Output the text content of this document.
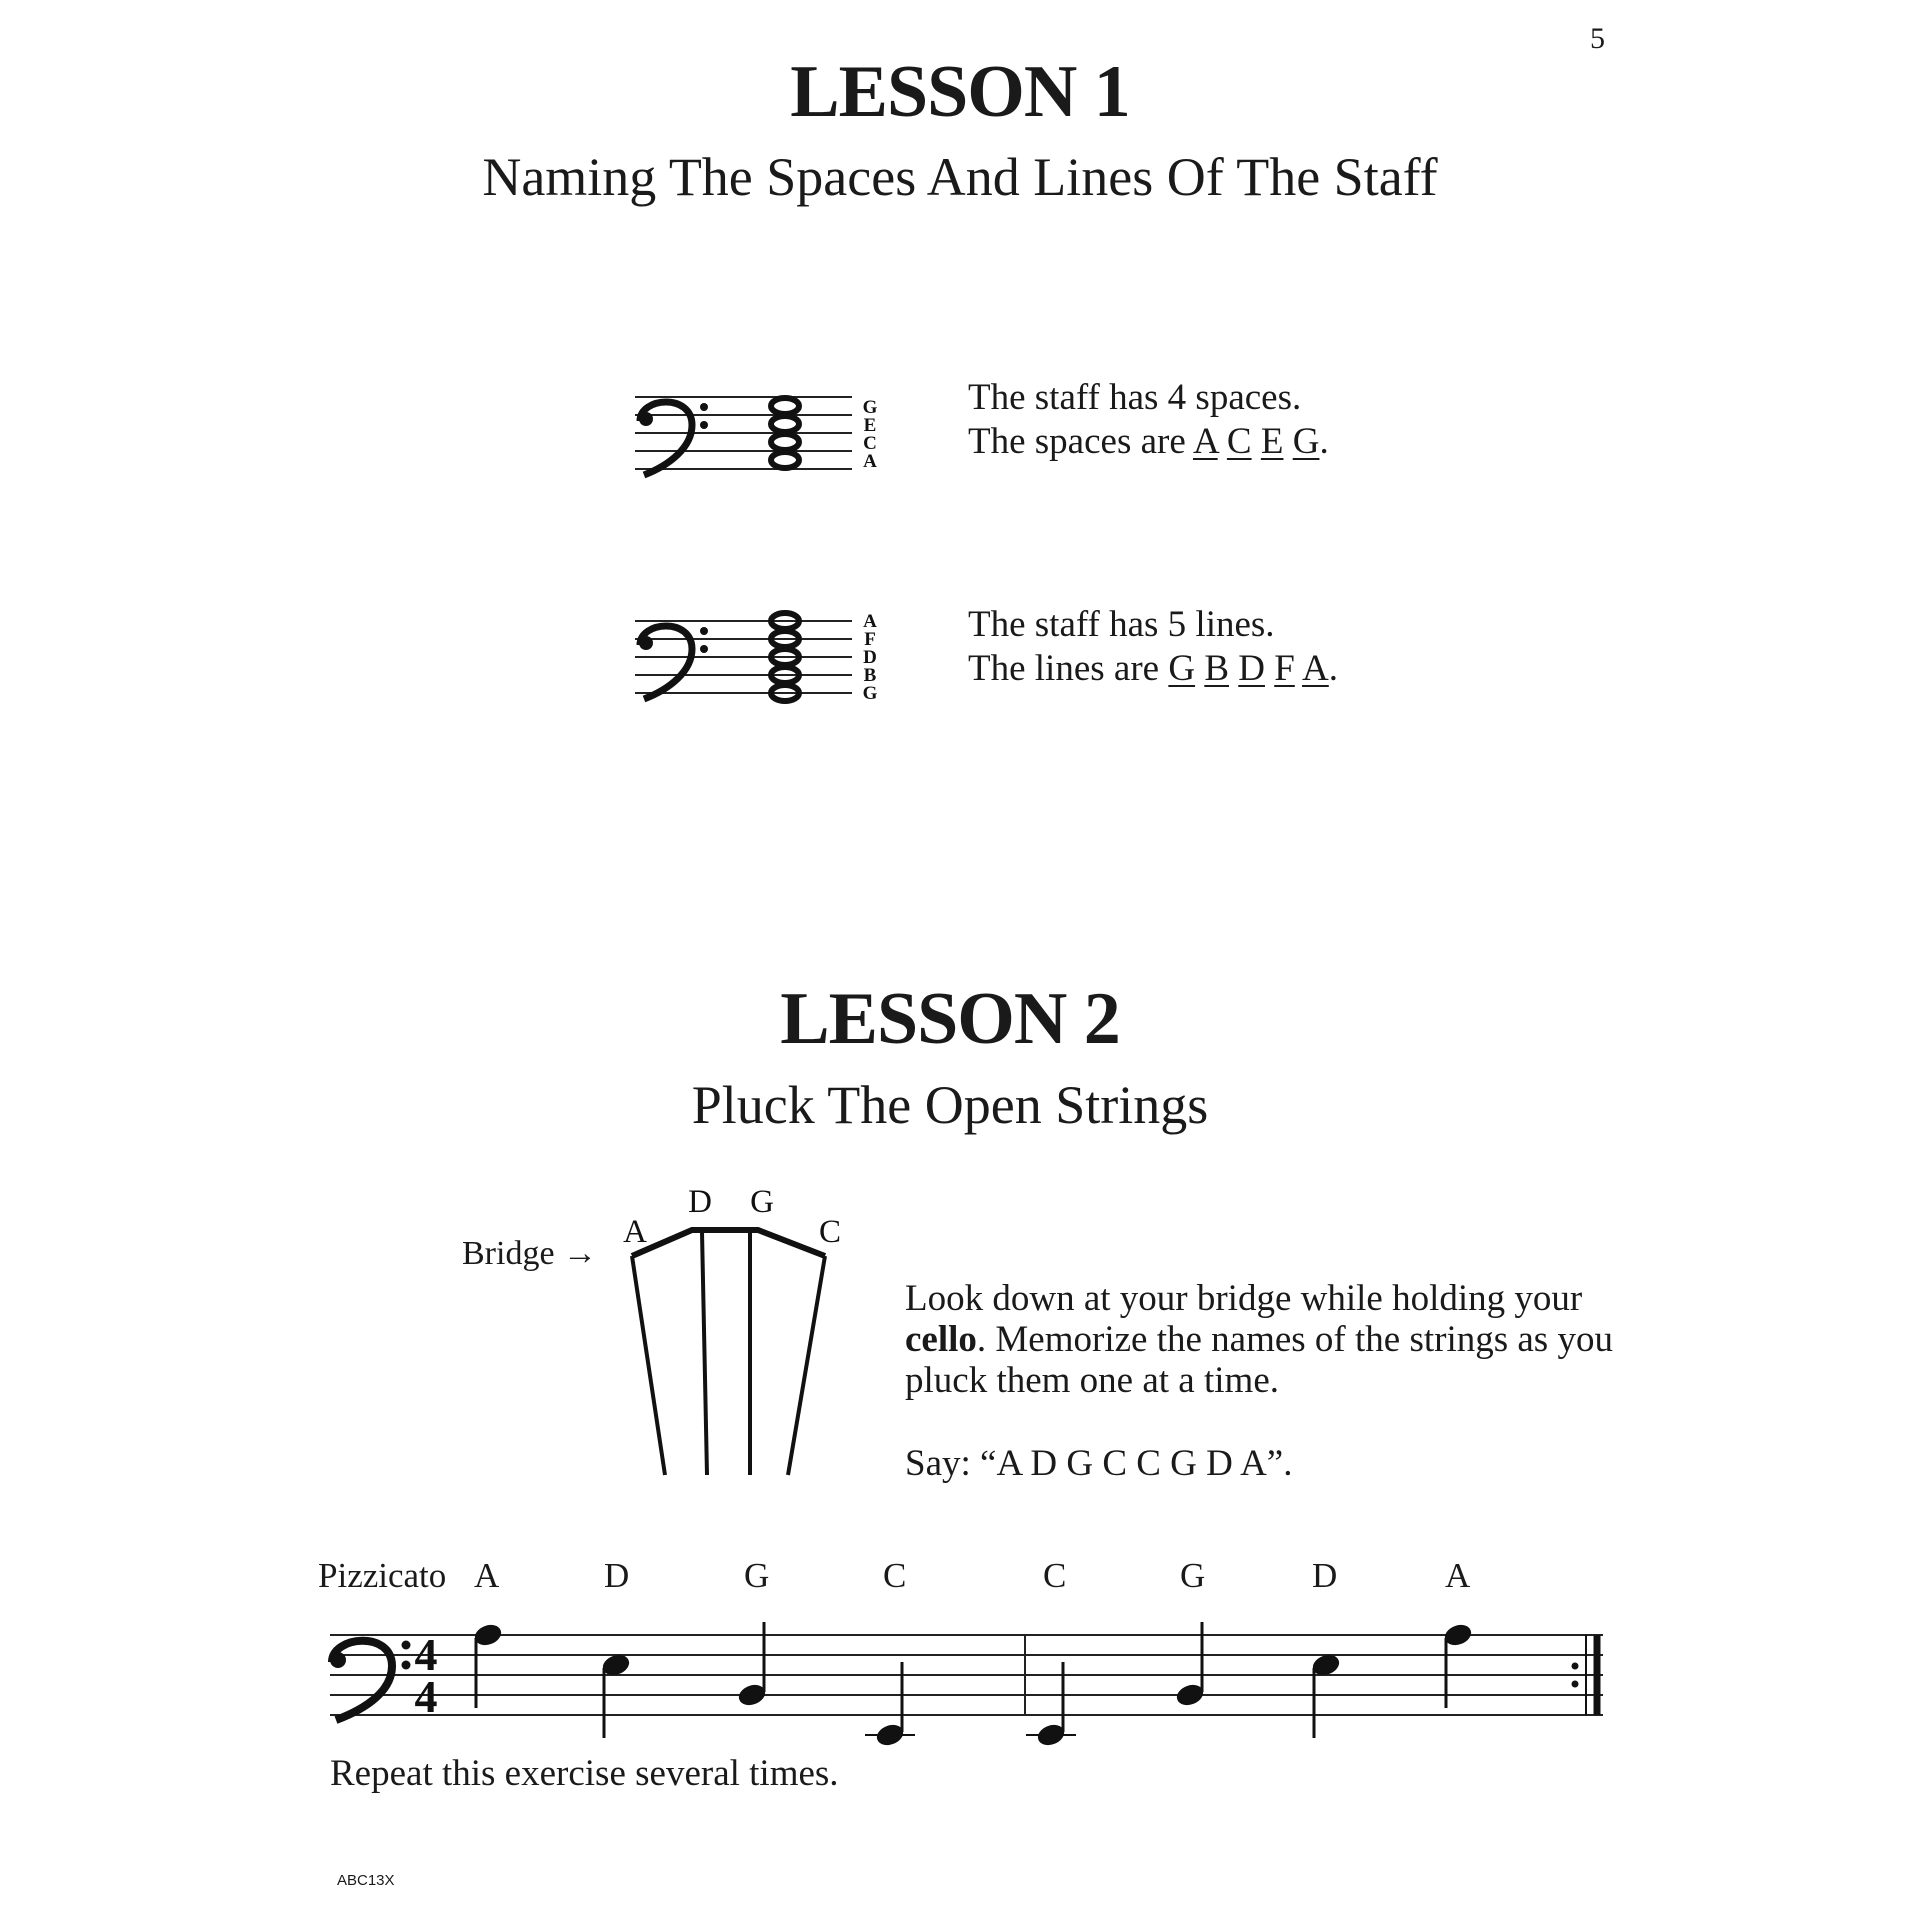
5
LESSON 1
Naming The Spaces And Lines Of The Staff
G
E
C
A
The staff has 4 spaces.
The spaces are A C E G.
A
F
D
B
G
The staff has 5 lines.
The lines are G B D F A.
LESSON 2
Pluck The Open Strings
Bridge →
A
D G
C
Look down at your bridge while holding your cello. Memorize the names of the strings as you pluck them one at a time.
Say: “A D G C C G D A”.
Pizzicato A	D	G	C	C	G	D	A
4
4
Repeat this exercise several times.
ABC13X
